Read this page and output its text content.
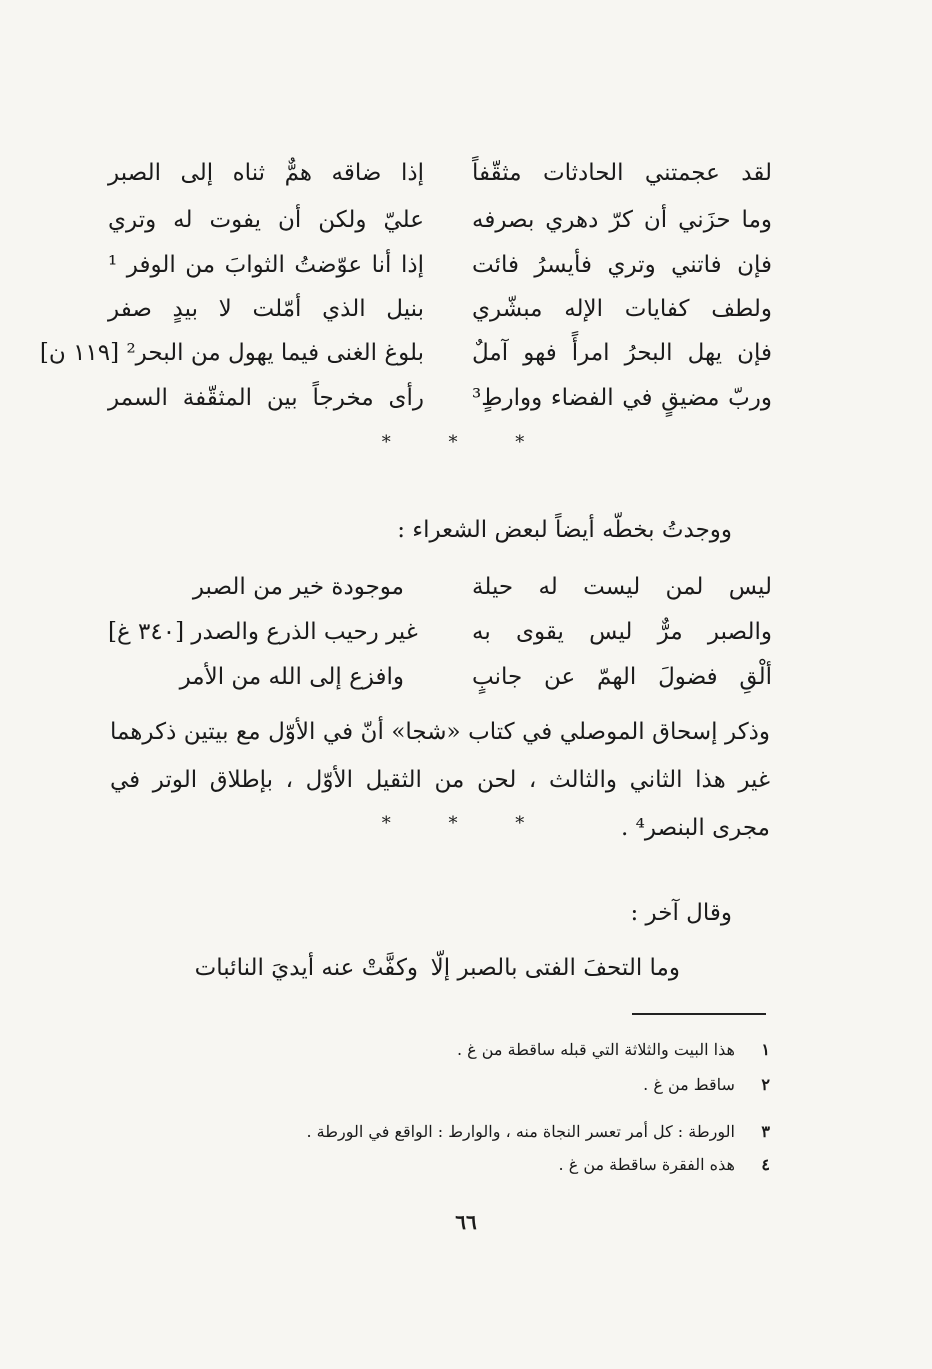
لقد عجمتني الحادثات مثقّفاً
إذا ضاقه همٌّ ثناه إلى الصبر
وما حزَني أن كرّ دهري بصرفه
عليّ ولكن أن يفوت له وتري
فإن فاتني وتري فأيسرُ فائت
إذا أنا عوّضتُ الثوابَ من الوفر ¹
ولطف كفايات الإله مبشّري
بنيل الذي أمّلت لا بيدٍ صفر
فإن يهل البحرُ امرأً فهو آملٌ
بلوغ الغنى فيما يهول من البحر² [١١٩ ن]
وربّ مضيقٍ في الفضاء ووارطٍ³
رأى مخرجاً بين المثقّفة السمر
* * *
ووجدتُ بخطّه أيضاً لبعض الشعراء :
ليس لمن ليست له حيلة
موجودة خير من الصبر
والصبر مرٌّ ليس يقوى به
غير رحيب الذرع والصدر [٣٤٠ غ]
ألْقِ فضولَ الهمّ عن جانبٍ
وافزع إلى الله من الأمر
وذكر إسحاق الموصلي في كتاب «شجا» أنّ في الأوّل مع بيتين ذكرهما غير هذا الثاني والثالث ، لحن من الثقيل الأوّل ، بإطلاق الوتر في مجرى البنصر⁴ .
* * *
وقال آخر :
وما التحفَ الفتى بالصبر إلّا
وكفَّتْ عنه أيديَ النائبات
١ هذا البيت والثلاثة التي قبله ساقطة من غ .
٢ ساقط من غ .
٣ الورطة : كل أمر تعسر النجاة منه ، والوارط : الواقع في الورطة .
٤ هذه الفقرة ساقطة من غ .
٦٦
